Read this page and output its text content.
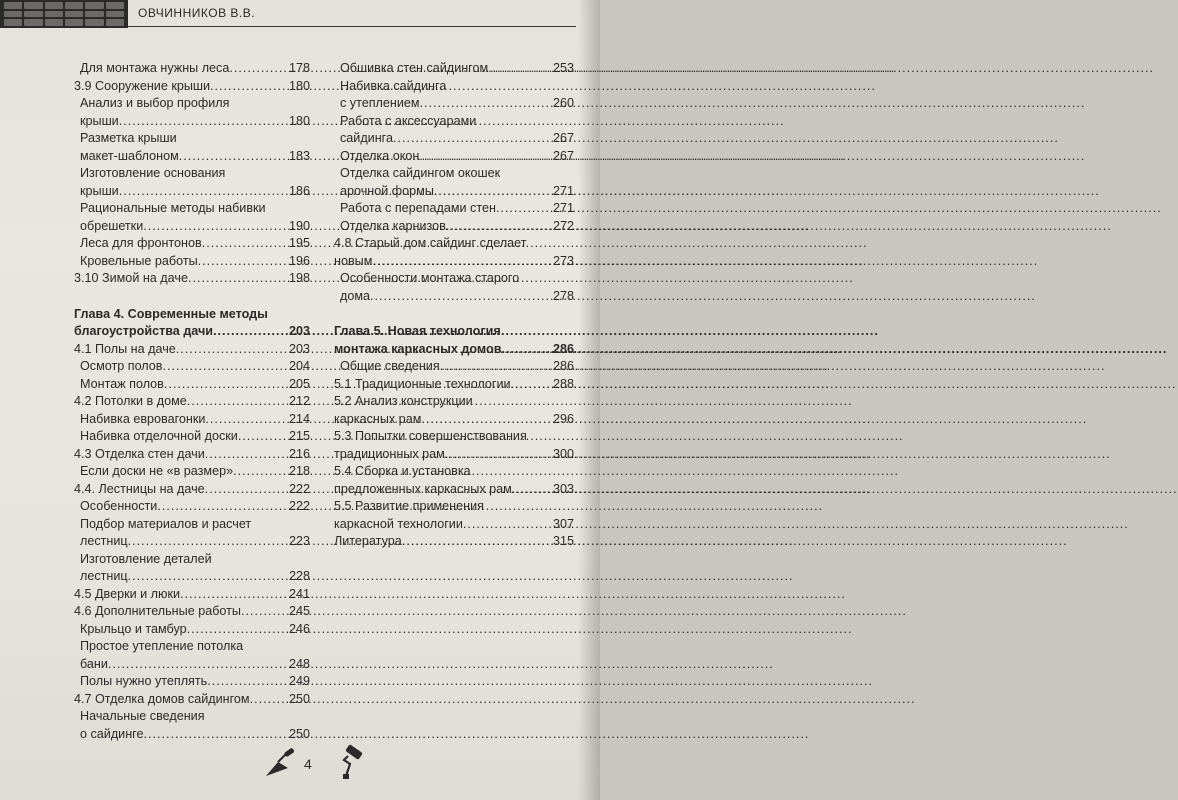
ОВЧИННИКОВ В.В.
Для монтажа нужны леса .....	178
3.9 Сооружение крыши .....	180
Анализ и выбор профиля
крыши .....	180
Разметка крыши
макет-шаблоном .....	183
Изготовление основания
крыши .....	186
Рациональные методы набивки
обрешетки .....	190
Леса для фронтонов .....	195
Кровельные работы .....	196
3.10 Зимой на даче .....	198
Глава 4. Современные методы
благоустройства дачи .....	203
4.1 Полы на даче .....	203
Осмотр полов .....	204
Монтаж полов .....	205
4.2 Потолки в доме .....	212
Набивка евровагонки .....	214
Набивка отделочной доски .....	215
4.3 Отделка стен дачи .....	216
Если доски не «в размер» .....	218
4.4. Лестницы на даче .....	222
Особенности .....	222
Подбор материалов и расчет
лестниц .....	223
Изготовление деталей
лестниц .....	228
4.5 Дверки и люки .....	241
4.6 Дополнительные работы .....	245
Крыльцо и тамбур .....	246
Простое утепление потолка
бани .....	248
Полы нужно утеплять .....	249
4.7 Отделка домов сайдингом .....	250
Начальные сведения
о сайдинге .....	250
Обшивка стен сайдингом .....	253
Набивка сайдинга
с утеплением .....	260
Работа с аксессуарами
сайдинга .....	267
Отделка окон .....	267
Отделка сайдингом окошек
арочной формы .....	271
Работа с перепадами стен .....	271
Отделка карнизов .....	272
4.8 Старый дом сайдинг сделает
новым .....	273
Особенности монтажа старого
дома .....	278
Глава 5. Новая технология
монтажа каркасных домов .....	286
Общие сведения .....	286
5.1 Традиционные технологии .....	288
5.2 Анализ конструкции
каркасных рам .....	296
5.3 Попытки совершенствования
традиционных рам .....	300
5.4 Сборка и установка
предложенных каркасных рам .....	303
5.5 Развитие применения
каркасной технологии .....	307
Литература .....	315
4
